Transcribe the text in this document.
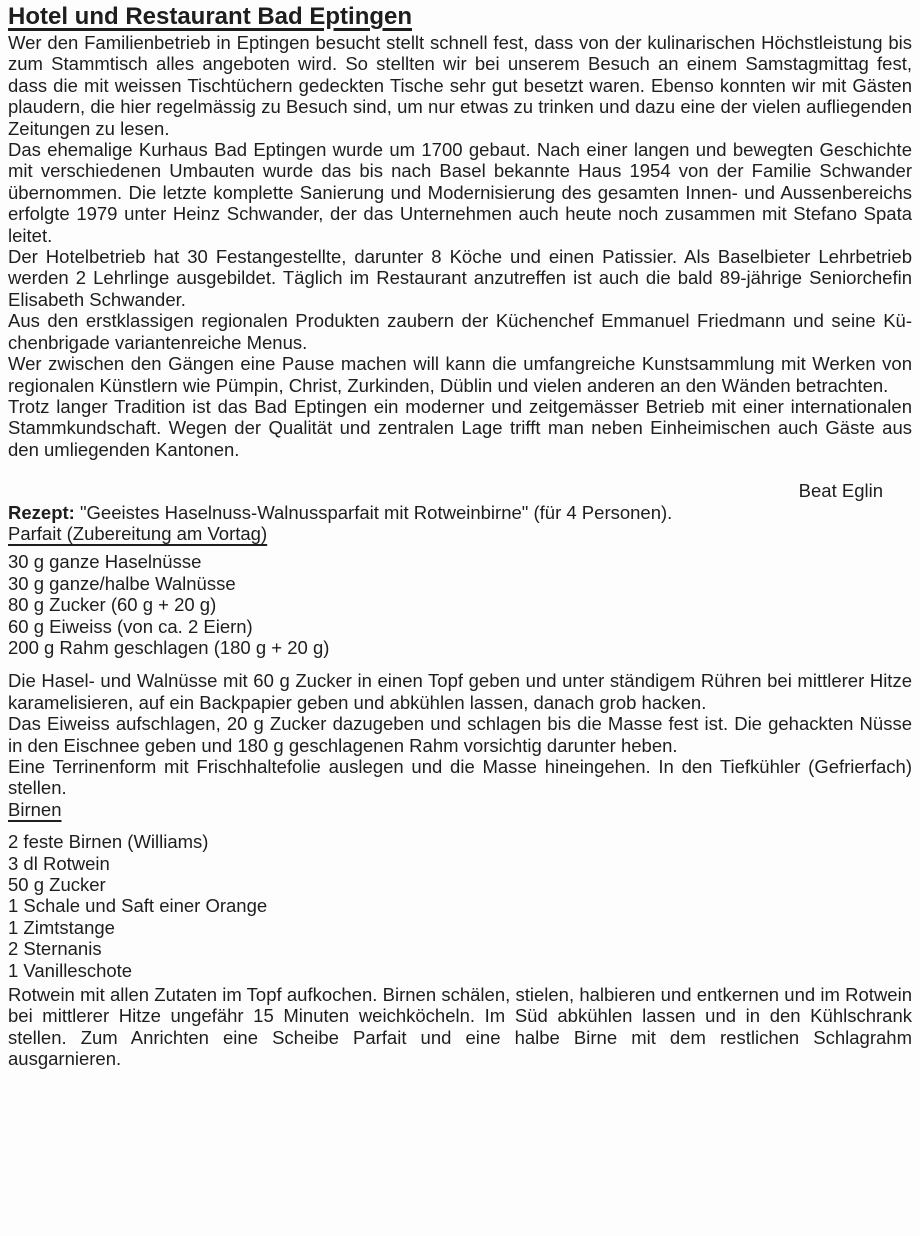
Hotel und Restaurant Bad Eptingen

Wer den Familienbetrieb in Eptingen besucht stellt schnell fest, dass von der kulinarischen Höchstleistung bis zum Stammtisch alles angeboten wird. So stellten wir bei unserem Besuch an einem Samstagmittag fest, dass die mit weissen Tischtüchern gedeckten Tische sehr gut besetzt waren. Ebenso konnten wir mit Gästen plaudern, die hier regelmässig zu Besuch sind, um nur etwas zu trinken und dazu eine der vielen aufliegenden Zeitungen zu lesen.

Das ehemalige Kurhaus Bad Eptingen wurde um 1700 gebaut. Nach einer langen und bewegten Geschichte mit verschiedenen Umbauten wurde das bis nach Basel bekannte Haus 1954 von der Familie Schwander übernommen. Die letzte komplette Sanierung und Modernisierung des gesamten Innen- und Aussenbereichs erfolgte 1979 unter Heinz Schwander, der das Unternehmen auch heute noch zusammen mit Stefano Spata leitet.

Der Hotelbetrieb hat 30 Festangestellte, darunter 8 Köche und einen Patissier. Als Baselbieter Lehrbetrieb werden 2 Lehrlinge ausgebildet. Täglich im Restaurant anzutreffen ist auch die bald 89-jährige Seniorchefin Elisabeth Schwander.

Aus den erstklassigen regionalen Produkten zaubern der Küchenchef Emmanuel Friedmann und seine Küchenbrigade variantenreiche Menus.

Wer zwischen den Gängen eine Pause machen will kann die umfangreiche Kunstsammlung mit Werken von regionalen Künstlern wie Pümpin, Christ, Zurkinden, Düblin und vielen anderen an den Wänden betrachten.

Trotz langer Tradition ist das Bad Eptingen ein moderner und zeitgemässer Betrieb mit einer internationalen Stammkundschaft. Wegen der Qualität und zentralen Lage trifft man neben Einheimischen auch Gäste aus den umliegenden Kantonen.

Beat Eglin

Rezept: "Geeistes Haselnuss-Walnussparfait mit Rotweinbirne" (für 4 Personen).

Parfait (Zubereitung am Vortag)
30 g ganze Haselnüsse
30 g ganze/halbe Walnüsse
80 g Zucker (60 g + 20 g)
60 g Eiweiss (von ca. 2 Eiern)
200 g Rahm geschlagen (180 g + 20 g)

Die Hasel- und Walnüsse mit 60 g Zucker in einen Topf geben und unter ständigem Rühren bei mittlerer Hitze karamelisieren, auf ein Backpapier geben und abkühlen lassen, danach grob hacken.

Das Eiweiss aufschlagen, 20 g Zucker dazugeben und schlagen bis die Masse fest ist. Die gehackten Nüsse in den Eischnee geben und 180 g geschlagenen Rahm vorsichtig darunter heben.

Eine Terrinenform mit Frischhaltefolie auslegen und die Masse hineingehen. In den Tiefkühler (Gefrierfach) stellen.

Birnen
2 feste Birnen (Williams)
3 dl Rotwein
50 g Zucker
1 Schale und Saft einer Orange
1 Zimtstange
2 Sternanis
1 Vanilleschote

Rotwein mit allen Zutaten im Topf aufkochen. Birnen schälen, stielen, halbieren und entkernen und im Rotwein bei mittlerer Hitze ungefähr 15 Minuten weichköcheln. Im Süd abkühlen lassen und in den Kühlschrank stellen. Zum Anrichten eine Scheibe Parfait und eine halbe Birne mit dem restlichen Schlagrahm ausgarnieren.
